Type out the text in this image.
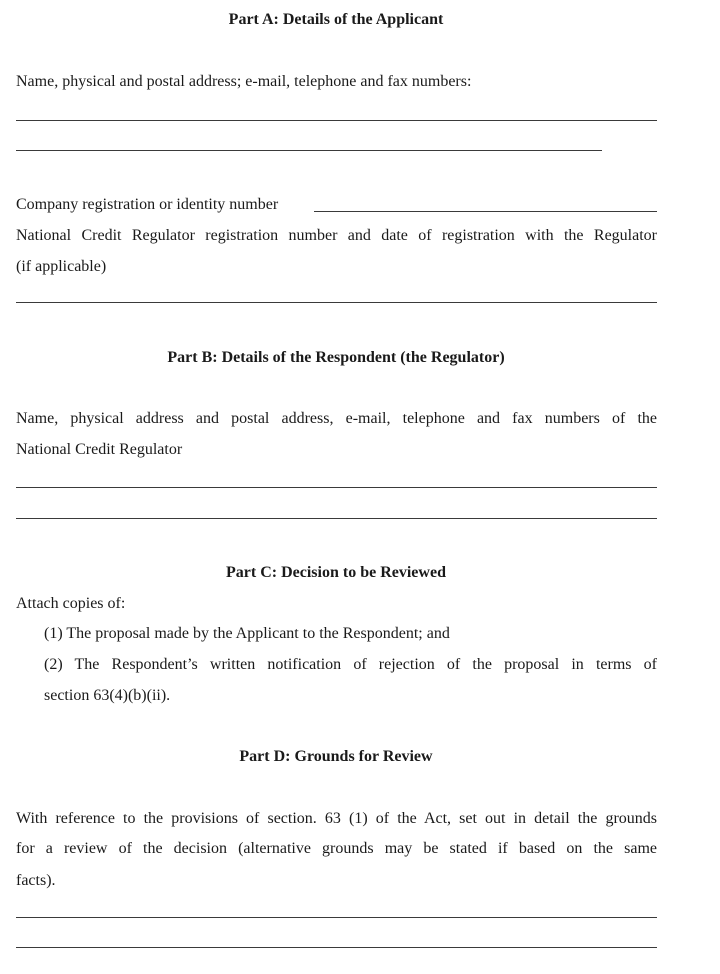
Part A: Details of the Applicant
Name, physical and postal address; e-mail, telephone and fax numbers:
Company registration or identity number
National Credit Regulator registration number and date of registration with the Regulator
(if applicable)
Part B: Details of the Respondent (the Regulator)
Name, physical address and postal address, e-mail, telephone and fax numbers of the
National Credit Regulator
Part C: Decision to be Reviewed
Attach copies of:
(1) The proposal made by the Applicant to the Respondent; and
(2) The Respondent’s written notification of rejection of the proposal in terms of
section 63(4)(b)(ii).
Part D: Grounds for Review
With reference to the provisions of section. 63 (1) of the Act, set out in detail the grounds
for a review of the decision (alternative grounds may be stated if based on the same
facts).
